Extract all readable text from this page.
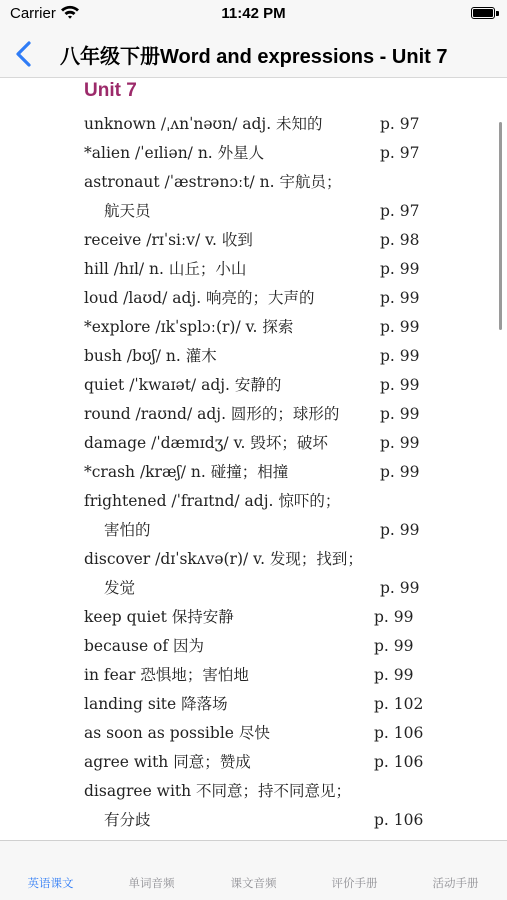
Carrier	11:42 PM
八年级下册Word and expressions - Unit 7
Unit 7
unknown /ˌʌnˈnəʊn/ adj. 未知的	p. 97
*alien /ˈeɪliən/ n. 外星人	p. 97
astronaut /ˈæstrənɔːt/ n. 宇航员；
航天员	p. 97
receive /rɪˈsiːv/ v. 收到	p. 98
hill /hɪl/ n. 山丘；小山	p. 99
loud /laʊd/ adj. 响亮的；大声的	p. 99
*explore /ɪkˈsplɔː(r)/ v. 探索	p. 99
bush /bʊʃ/ n. 灌木	p. 99
quiet /ˈkwaɪət/ adj. 安静的	p. 99
round /raʊnd/ adj. 圆形的；球形的	p. 99
damage /ˈdæmɪdʒ/ v. 毁坏；破坏	p. 99
*crash /kræʃ/ n. 碰撞；相撞	p. 99
frightened /ˈfraɪtnd/ adj. 惊吓的；
害怕的	p. 99
discover /dɪˈskʌvə(r)/ v. 发现；找到；
发觉	p. 99
keep quiet 保持安静	p. 99
because of 因为	p. 99
in fear 恐惧地；害怕地	p. 99
landing site 降落场	p. 102
as soon as possible 尽快	p. 106
agree with 同意；赞成	p. 106
disagree with 不同意；持不同意见；
有分歧	p. 106
英语课文	单词音频	课文音频	评价手册	活动手册
